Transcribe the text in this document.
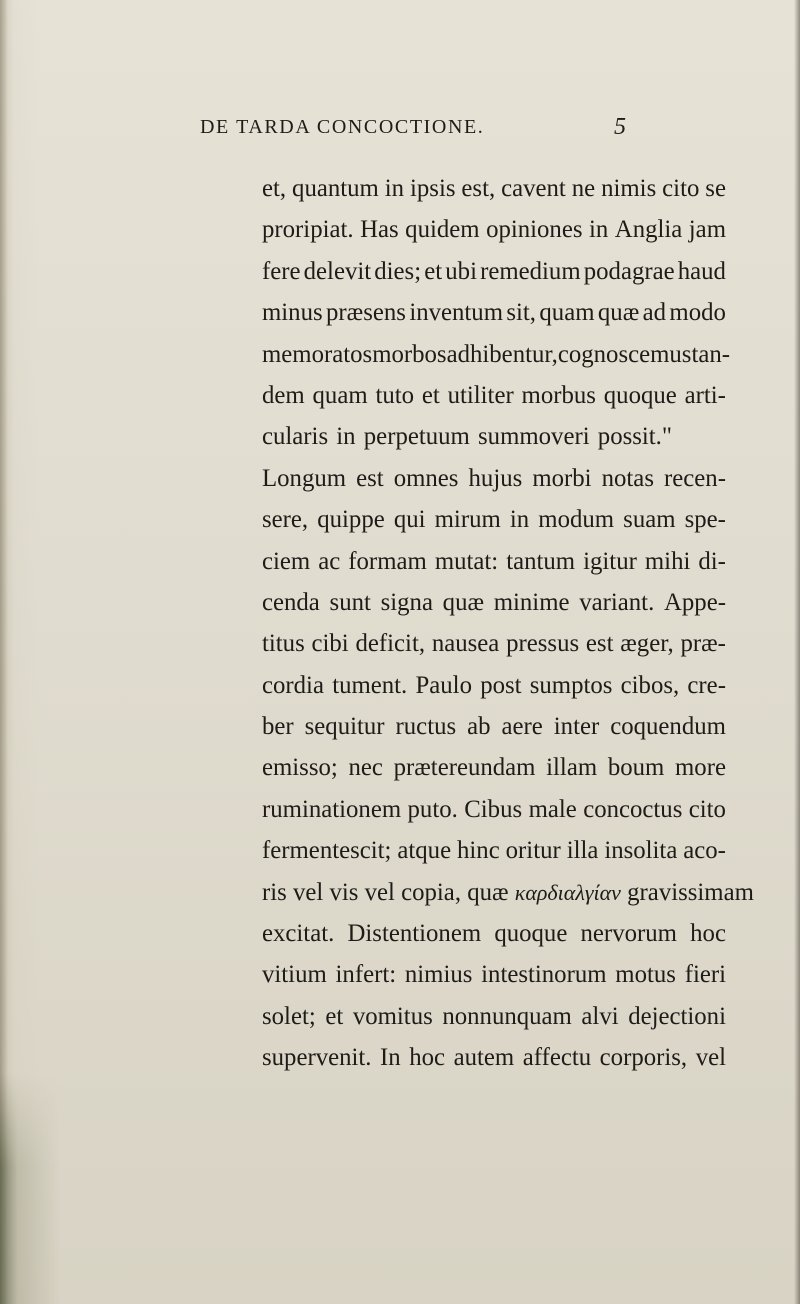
DE TARDA CONCOCTIONE.	5
et, quantum in ipsis est, cavent ne nimis cito se
proripiat. Has quidem opiniones in Anglia jam
fere delevit dies; et ubi remedium podagrae haud
minus præsens inventum sit, quam quæ ad modo
memoratos morbos adhibentur, cognoscemus tan-
dem quam tuto et utiliter morbus quoque arti-
cularis in perpetuum summoveri possit."
Longum est omnes hujus morbi notas recen-
sere, quippe qui mirum in modum suam spe-
ciem ac formam mutat: tantum igitur mihi di-
cenda sunt signa quæ minime variant. Appe-
titus cibi deficit, nausea pressus est æger, præ-
cordia tument. Paulo post sumptos cibos, cre-
ber sequitur ructus ab aere inter coquendum
emisso; nec prætereundam illam boum more
ruminationem puto. Cibus male concoctus cito
fermentescit; atque hinc oritur illa insolita aco-
ris vel vis vel copia, quæ καρδιαλγίαν gravissimam
excitat. Distentionem quoque nervorum hoc
vitium infert: nimius intestinorum motus fieri
solet; et vomitus nonnunquam alvi dejectioni
supervenit. In hoc autem affectu corporis, vel
